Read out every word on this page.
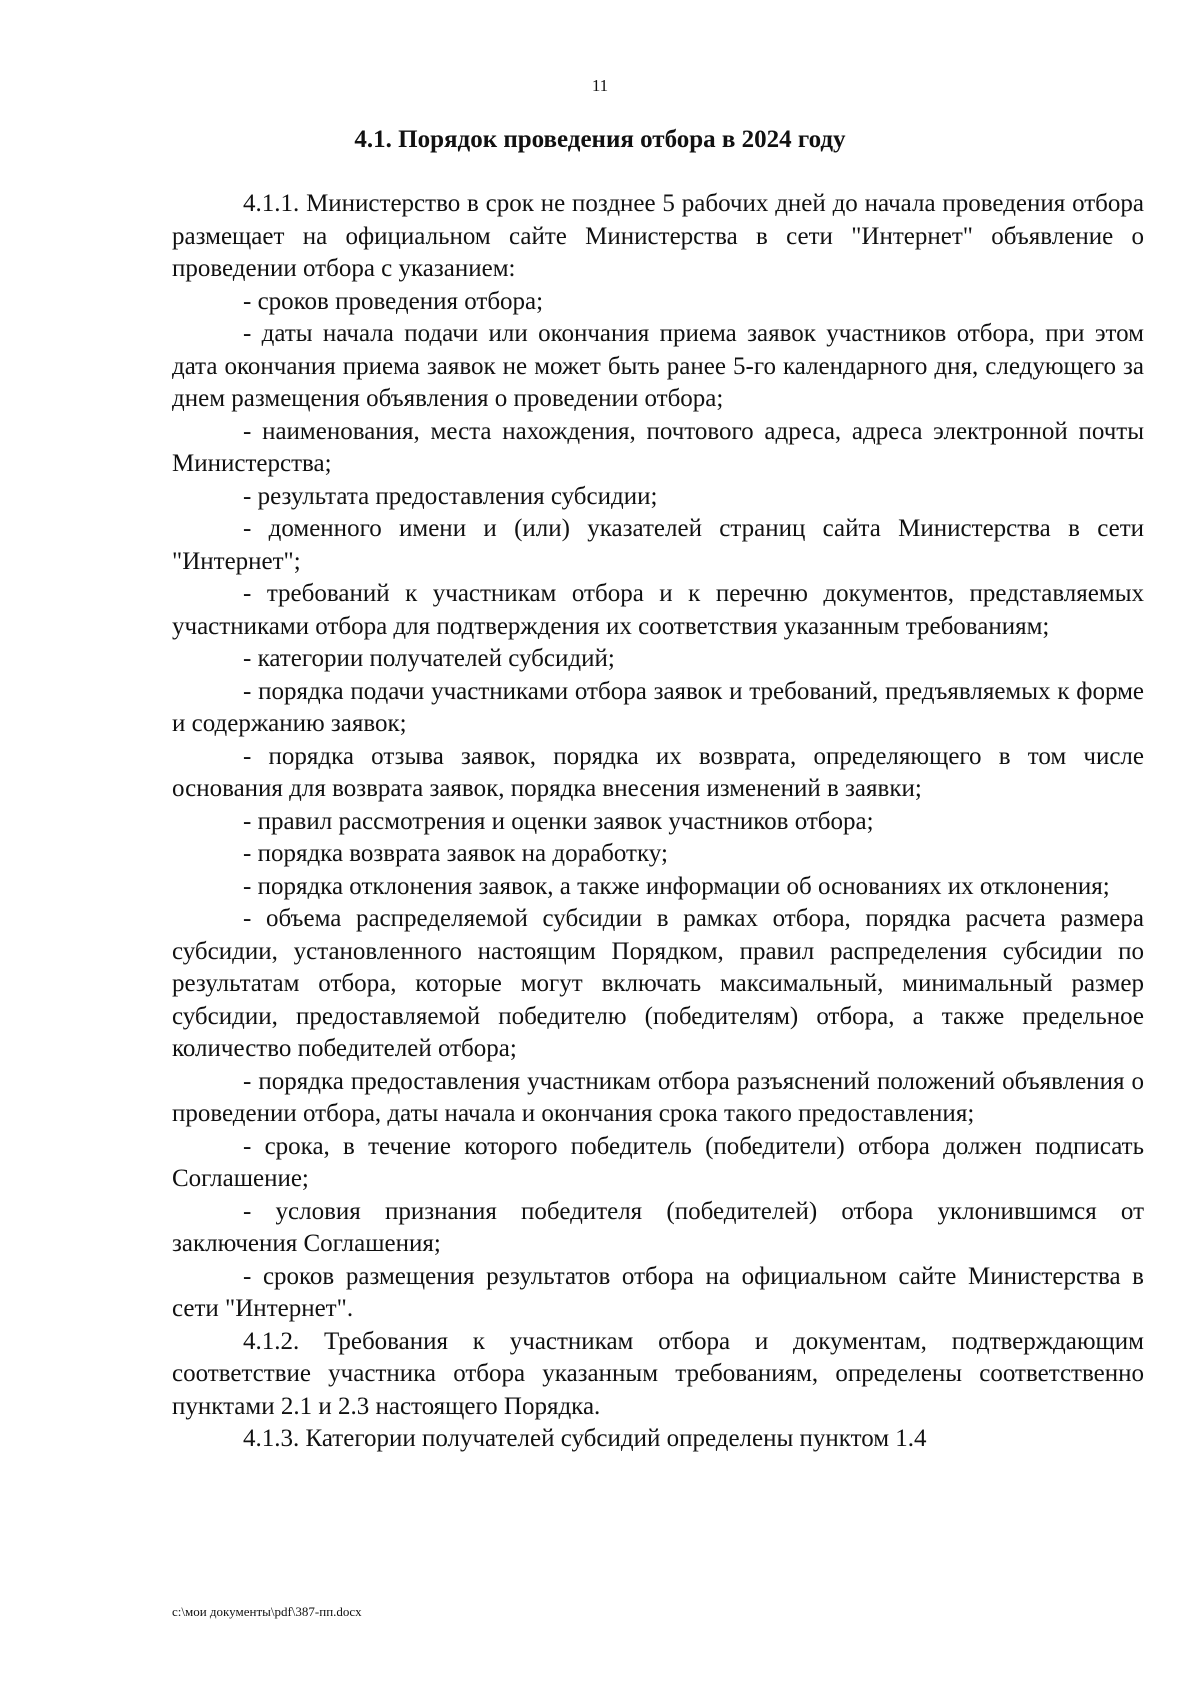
11
4.1. Порядок проведения отбора в 2024 году

4.1.1. Министерство в срок не позднее 5 рабочих дней до начала проведения отбора размещает на официальном сайте Министерства в сети "Интернет" объявление о проведении отбора с указанием:

- сроков проведения отбора;

- даты начала подачи или окончания приема заявок участников отбора, при этом дата окончания приема заявок не может быть ранее 5-го календарного дня, следующего за днем размещения объявления о проведении отбора;

- наименования, места нахождения, почтового адреса, адреса электронной почты Министерства;

- результата предоставления субсидии;

- доменного имени и (или) указателей страниц сайта Министерства в сети "Интернет";

- требований к участникам отбора и к перечню документов, представляемых участниками отбора для подтверждения их соответствия указанным требованиям;

- категории получателей субсидий;

- порядка подачи участниками отбора заявок и требований, предъявляемых к форме и содержанию заявок;

- порядка отзыва заявок, порядка их возврата, определяющего в том числе основания для возврата заявок, порядка внесения изменений в заявки;

- правил рассмотрения и оценки заявок участников отбора;

- порядка возврата заявок на доработку;

- порядка отклонения заявок, а также информации об основаниях их отклонения;

- объема распределяемой субсидии в рамках отбора, порядка расчета размера субсидии, установленного настоящим Порядком, правил распределения субсидии по результатам отбора, которые могут включать максимальный, минимальный размер субсидии, предоставляемой победителю (победителям) отбора, а также предельное количество победителей отбора;

- порядка предоставления участникам отбора разъяснений положений объявления о проведении отбора, даты начала и окончания срока такого предоставления;

- срока, в течение которого победитель (победители) отбора должен подписать Соглашение;

- условия признания победителя (победителей) отбора уклонившимся от заключения Соглашения;

- сроков размещения результатов отбора на официальном сайте Министерства в сети "Интернет".

4.1.2. Требования к участникам отбора и документам, подтверждающим соответствие участника отбора указанным требованиям, определены соответственно пунктами 2.1 и 2.3 настоящего Порядка.

4.1.3. Категории получателей субсидий определены пунктом 1.4

c:\мои документы\pdf\387-пп.docx
